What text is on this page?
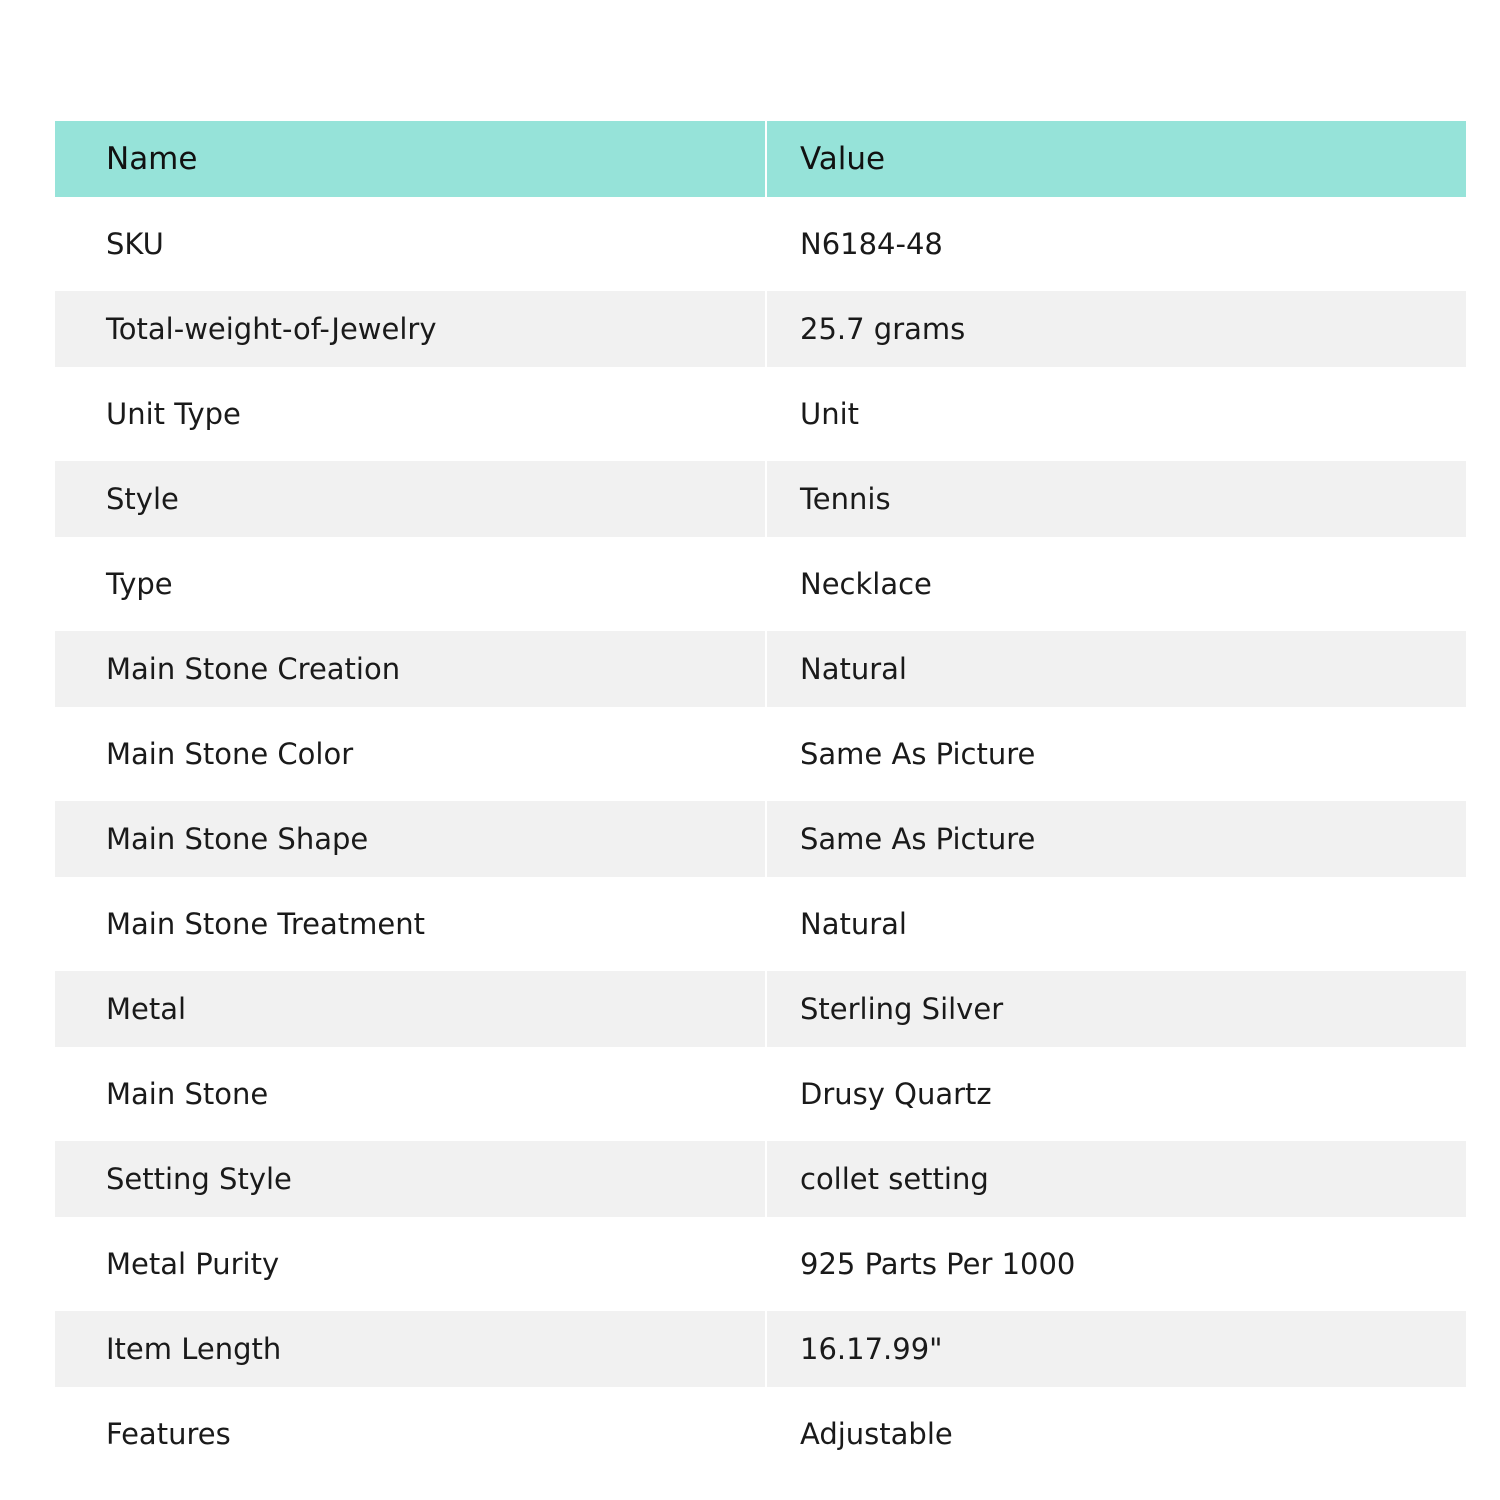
Name	Value
SKU	N6184-48
Total-weight-of-Jewelry	25.7 grams
Unit Type	Unit
Style	Tennis
Type	Necklace
Main Stone Creation	Natural
Main Stone Color	Same As Picture
Main Stone Shape	Same As Picture
Main Stone Treatment	Natural
Metal	Sterling Silver
Main Stone	Drusy Quartz
Setting Style	collet setting
Metal Purity	925 Parts Per 1000
Item Length	16.17.99"
Features	Adjustable
